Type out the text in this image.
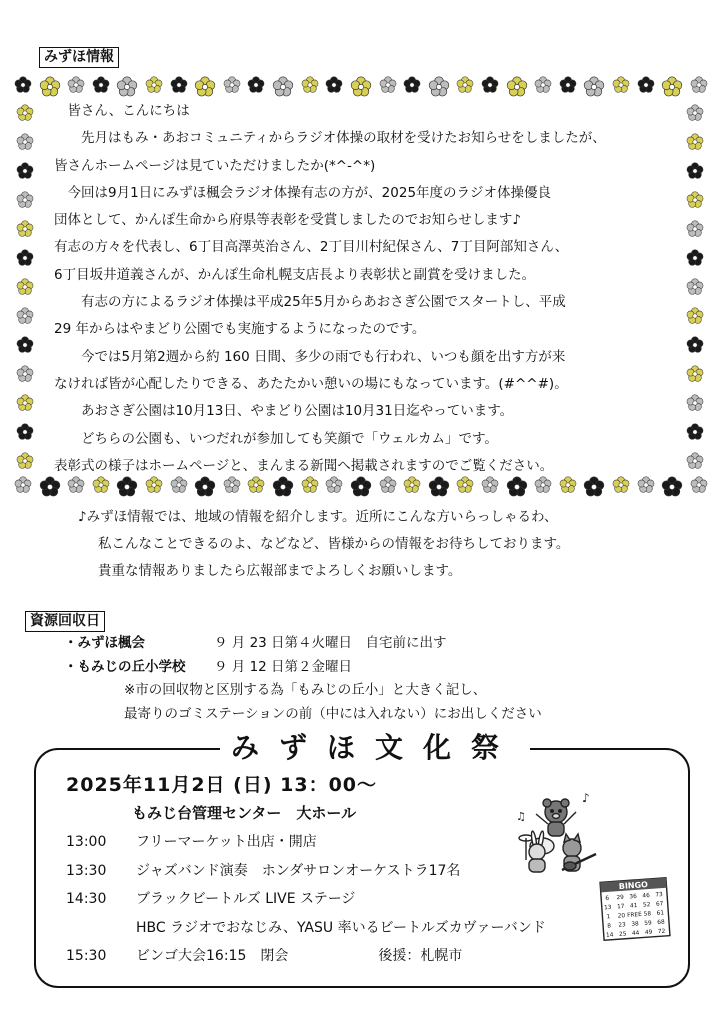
みずほ情報

　皆さん、こんにちは

　　先月はもみ・あおコミュニティからラジオ体操の取材を受けたお知らせをしましたが、

皆さんホームページは見ていただけましたか(*^-^*)

　今回は9月1日にみずほ楓会ラジオ体操有志の方が、2025年度のラジオ体操優良

団体として、かんぽ生命から府県等表彰を受賞しましたのでお知らせします♪

有志の方々を代表し、6丁目高澤英治さん、2丁目川村紀保さん、7丁目阿部知さん、

6丁目坂井道義さんが、かんぽ生命札幌支店長より表彰状と副賞を受けました。

　　有志の方によるラジオ体操は平成25年5月からあおさぎ公園でスタートし、平成

29 年からはやまどり公園でも実施するようになったのです。

　　今では5月第2週から約 160 日間、多少の雨でも行われ、いつも顔を出す方が来

なければ皆が心配したりできる、あたたかい憩いの場にもなっています。(#^^#)。

　　あおさぎ公園は10月13日、やまどり公園は10月31日迄やっています。

　　どちらの公園も、いつだれが参加しても笑顔で「ウェルカム」です。

表彰式の様子はホームページと、まんまる新聞へ掲載されますのでご覧ください。

♪みずほ情報では、地域の情報を紹介します。近所にこんな方いらっしゃるわ、

私こんなことできるのよ、などなど、皆様からの情報をお待ちしております。

貴重な情報ありましたら広報部までよろしくお願いします。

資源回収日
・みずほ楓会	９ 月 23 日第４火曜日　自宅前に出す
・もみじの丘小学校	９ 月 12 日第２金曜日
※市の回収物と区別する為「もみじの丘小」と大きく記し、
最寄りのゴミステーションの前（中には入れない）にお出しください
みずほ文化祭
2025年11月2日 (日) 13：00～
もみじ台管理センター　大ホール
13:00	フリーマーケット出店・開店
13:30	ジャズバンド演奏　ホンダサロンオーケストラ17名
14:30	ブラックビートルズ LIVE ステージ
HBC ラジオでおなじみ、YASU 率いるビートルズカヴァーバンド
15:30	ビンゴ大会16:15　閉会	後援：札幌市
♪
♫
BINGO
6 29 36 46 73
13 17 41 52 67
1 20 FREE 58 61
8 23 38 59 68
14 25 44 49 72
